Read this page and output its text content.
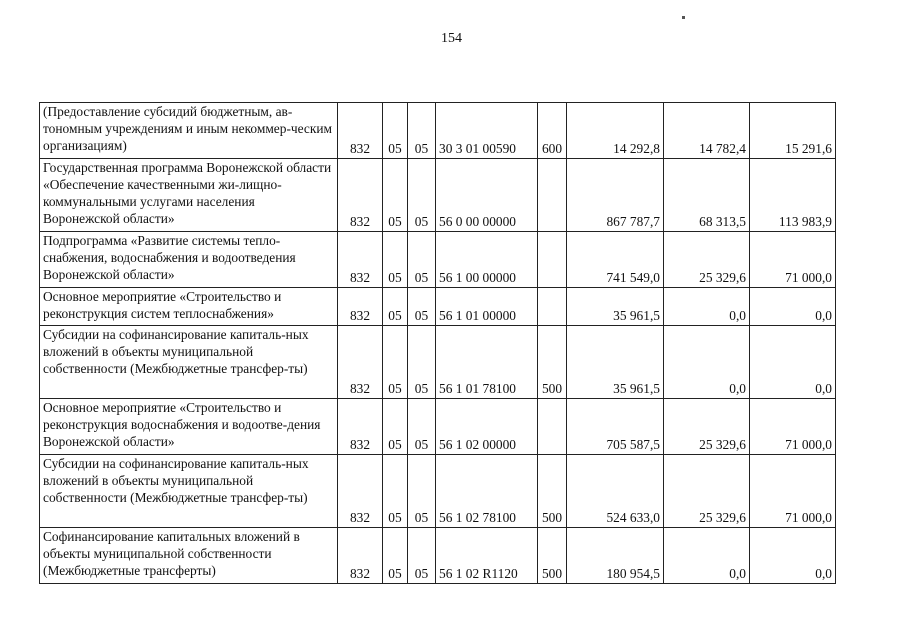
154
(Предоставление субсидий бюджетным, ав-тономным учреждениям и иным некоммер-ческим организациям)	832	05	05	30 3 01 00590	600	14 292,8	14 782,4	15 291,6
Государственная программа Воронежской области «Обеспечение качественными жи-лищно-коммунальными услугами населения Воронежской области»	832	05	05	56 0 00 00000		867 787,7	68 313,5	113 983,9
Подпрограмма «Развитие системы тепло-снабжения, водоснабжения и водоотведения Воронежской области»	832	05	05	56 1 00 00000		741 549,0	25 329,6	71 000,0
Основное мероприятие «Строительство и реконструкция систем теплоснабжения»	832	05	05	56 1 01 00000		35 961,5	0,0	0,0
Субсидии на софинансирование капиталь-ных вложений в объекты муниципальной собственности (Межбюджетные трансфер-ты)	832	05	05	56 1 01 78100	500	35 961,5	0,0	0,0
Основное мероприятие «Строительство и реконструкция водоснабжения и водоотве-дения Воронежской области»	832	05	05	56 1 02 00000		705 587,5	25 329,6	71 000,0
Субсидии на софинансирование капиталь-ных вложений в объекты муниципальной собственности (Межбюджетные трансфер-ты)	832	05	05	56 1 02 78100	500	524 633,0	25 329,6	71 000,0
Софинансирование капитальных вложений в объекты муниципальной собственности (Межбюджетные трансферты)	832	05	05	56 1 02 R1120	500	180 954,5	0,0	0,0
